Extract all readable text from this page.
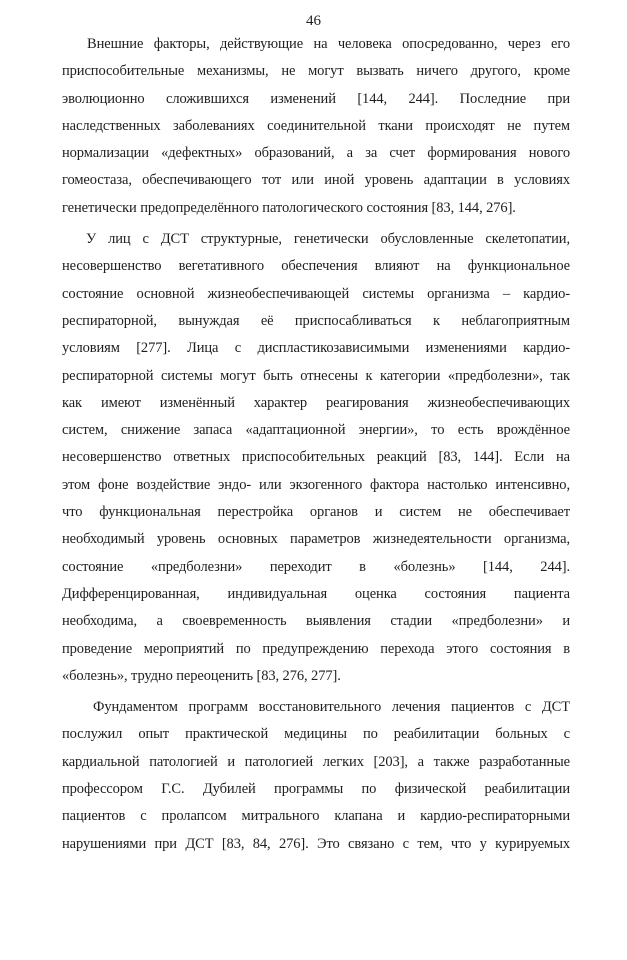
46
Внешние факторы, действующие на человека опосредованно, через его
приспособительные механизмы, не могут вызвать ничего другого, кроме
эволюционно сложившихся изменений [144, 244]. Последние при
наследственных заболеваниях соединительной ткани происходят не путем
нормализации «дефектных» образований, а за счет формирования нового
гомеостаза, обеспечивающего тот или иной уровень адаптации в условиях
генетически предопределённого патологического состояния [83, 144, 276].
У лиц с ДСТ структурные, генетически обусловленные скелетопатии,
несовершенство вегетативного обеспечения влияют на функциональное
состояние основной жизнеобеспечивающей системы организма – кардио-
респираторной, вынуждая её приспосабливаться к неблагоприятным
условиям [277]. Лица с диспластикозависимыми изменениями кардио-
респираторной системы могут быть отнесены к категории «предболезни», так
как имеют изменённый характер реагирования жизнеобеспечивающих
систем, снижение запаса «адаптационной энергии», то есть врождённое
несовершенство ответных приспособительных реакций [83, 144]. Если на
этом фоне воздействие эндо- или экзогенного фактора настолько интенсивно,
что функциональная перестройка органов и систем не обеспечивает
необходимый уровень основных параметров жизнедеятельности организма,
состояние «предболезни» переходит в «болезнь» [144, 244].
Дифференцированная, индивидуальная оценка состояния пациента
необходима, а своевременность выявления стадии «предболезни» и
проведение мероприятий по предупреждению перехода этого состояния в
«болезнь», трудно переоценить [83, 276, 277].
Фундаментом программ восстановительного лечения пациентов с ДСТ
послужил опыт практической медицины по реабилитации больных с
кардиальной патологией и патологией легких [203], а также разработанные
профессором Г.С. Дубилей программы по физической реабилитации
пациентов с пролапсом митрального клапана и кардио-респираторными
нарушениями при ДСТ [83, 84, 276]. Это связано с тем, что у курируемых
